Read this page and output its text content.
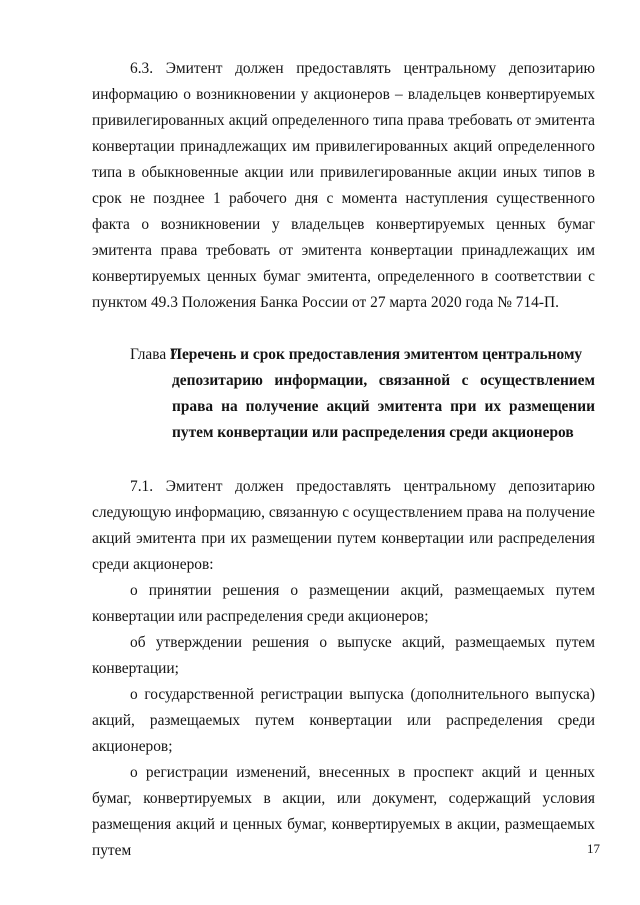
6.3. Эмитент должен предоставлять центральному депозитарию информацию о возникновении у акционеров – владельцев конвертируемых привилегированных акций определенного типа права требовать от эмитента конвертации принадлежащих им привилегированных акций определенного типа в обыкновенные акции или привилегированные акции иных типов в срок не позднее 1 рабочего дня с момента наступления существенного факта о возникновении у владельцев конвертируемых ценных бумаг эмитента права требовать от эмитента конвертации принадлежащих им конвертируемых ценных бумаг эмитента, определенного в соответствии с пунктом 49.3 Положения Банка России от 27 марта 2020 года № 714-П.

Глава 7.Перечень и срок предоставления эмитентом центральному
депозитарию информации, связанной с осуществлением
права на получение акций эмитента при их размещении
путем конвертации или распределения среди акционеров

7.1. Эмитент должен предоставлять центральному депозитарию следующую информацию, связанную с осуществлением права на получение акций эмитента при их размещении путем конвертации или распределения среди акционеров:

о принятии решения о размещении акций, размещаемых путем конвертации или распределения среди акционеров;

об утверждении решения о выпуске акций, размещаемых путем конвертации;

о государственной регистрации выпуска (дополнительного выпуска) акций, размещаемых путем конвертации или распределения среди акционеров;

о регистрации изменений, внесенных в проспект акций и ценных бумаг, конвертируемых в акции, или документ, содержащий условия размещения акций и ценных бумаг, конвертируемых в акции, размещаемых путем	17
